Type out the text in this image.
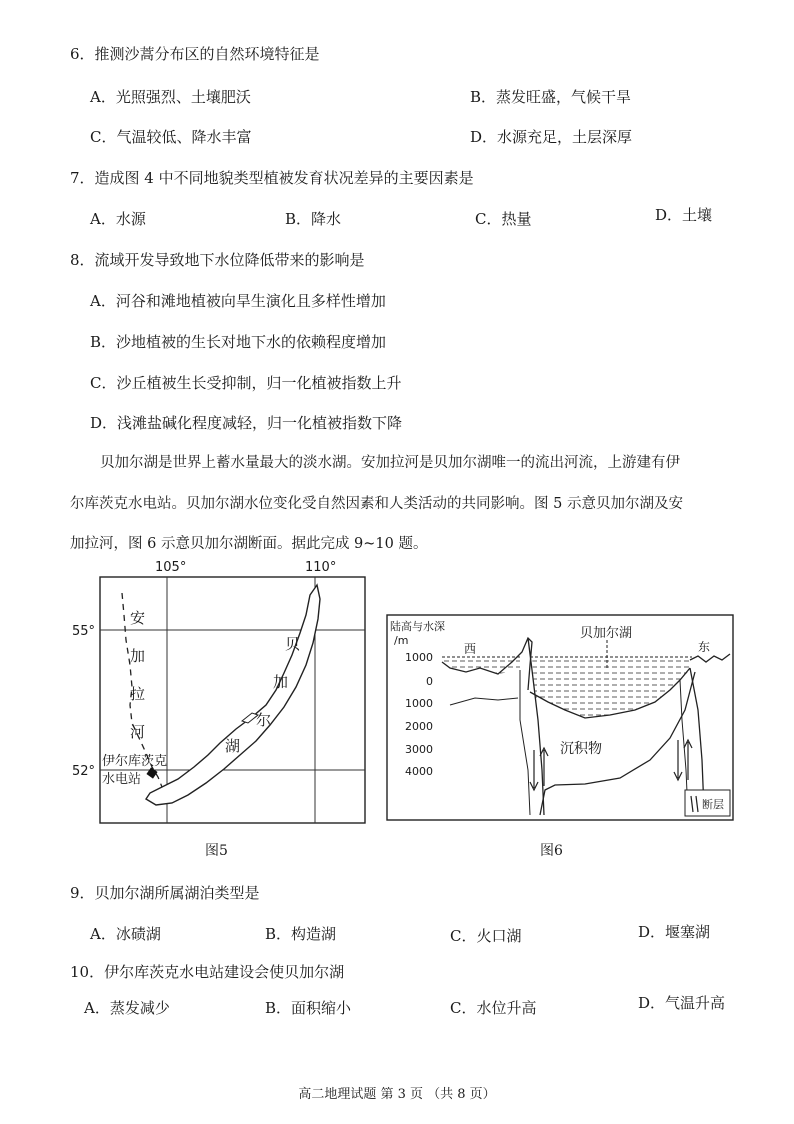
6．推测沙蒿分布区的自然环境特征是
A．光照强烈、土壤肥沃	B．蒸发旺盛，气候干旱
C．气温较低、降水丰富	D．水源充足，土层深厚
7．造成图 4 中不同地貌类型植被发育状况差异的主要因素是
A．水源	B．降水	C．热量	D．土壤
8．流域开发导致地下水位降低带来的影响是
A．河谷和滩地植被向旱生演化且多样性增加
B．沙地植被的生长对地下水的依赖程度增加
C．沙丘植被生长受抑制，归一化植被指数上升
D．浅滩盐碱化程度减轻，归一化植被指数下降
贝加尔湖是世界上蓄水量最大的淡水湖。安加拉河是贝加尔湖唯一的流出河流，上游建有伊
尔库茨克水电站。贝加尔湖水位变化受自然因素和人类活动的共同影响。图 5 示意贝加尔湖及安
加拉河，图 6 示意贝加尔湖断面。据此完成 9~10 题。
105°	110°
55°
52°
安
加
拉
河
贝
加
尔
湖
伊尔库茨克
水电站
图5
陆高与水深
/m
1000
0
1000
2000
3000
4000
西	东
贝加尔湖
沉积物
断层
图6
9．贝加尔湖所属湖泊类型是
A．冰碛湖	B．构造湖	C．火口湖	D．堰塞湖
10．伊尔库茨克水电站建设会使贝加尔湖
A．蒸发减少	B．面积缩小	C．水位升高	D．气温升高
高二地理试题 第 3 页 （共 8 页）
